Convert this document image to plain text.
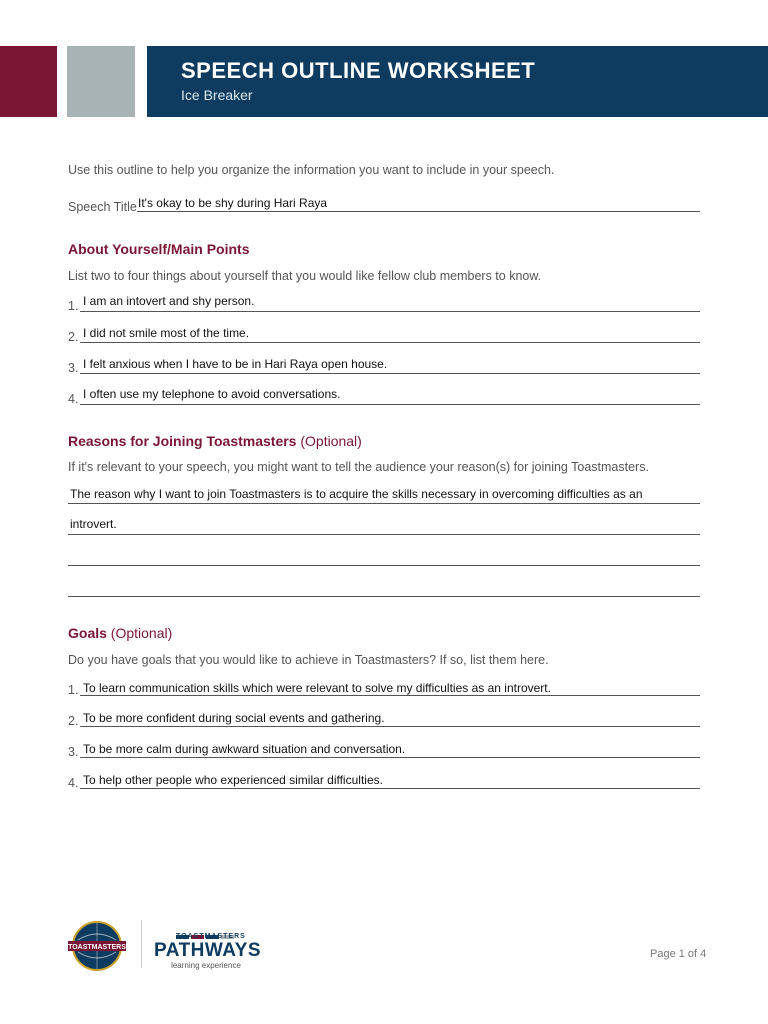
SPEECH OUTLINE WORKSHEET
Ice Breaker
Use this outline to help you organize the information you want to include in your speech.
Speech Title It's okay to be shy during Hari Raya
About Yourself/Main Points
List two to four things about yourself that you would like fellow club members to know.
1. I am an intovert and shy person.
2. I did not smile most of the time.
3. I felt anxious when I have to be in Hari Raya open house.
4. I often use my telephone to avoid conversations.
Reasons for Joining Toastmasters (Optional)
If it's relevant to your speech, you might want to tell the audience your reason(s) for joining Toastmasters.
The reason why I want to join Toastmasters is to acquire the skills necessary in overcoming difficulties as an
introvert.
Goals (Optional)
Do you have goals that you would like to achieve in Toastmasters? If so, list them here.
1. To learn communication skills which were relevant to solve my difficulties as an introvert.
2. To be more confident during social events and gathering.
3. To be more calm during awkward situation and conversation.
4. To help other people who experienced similar difficulties.
TOASTMASTERS
TOASTMASTERS
PATHWAYS
learning experience
Page 1 of 4
